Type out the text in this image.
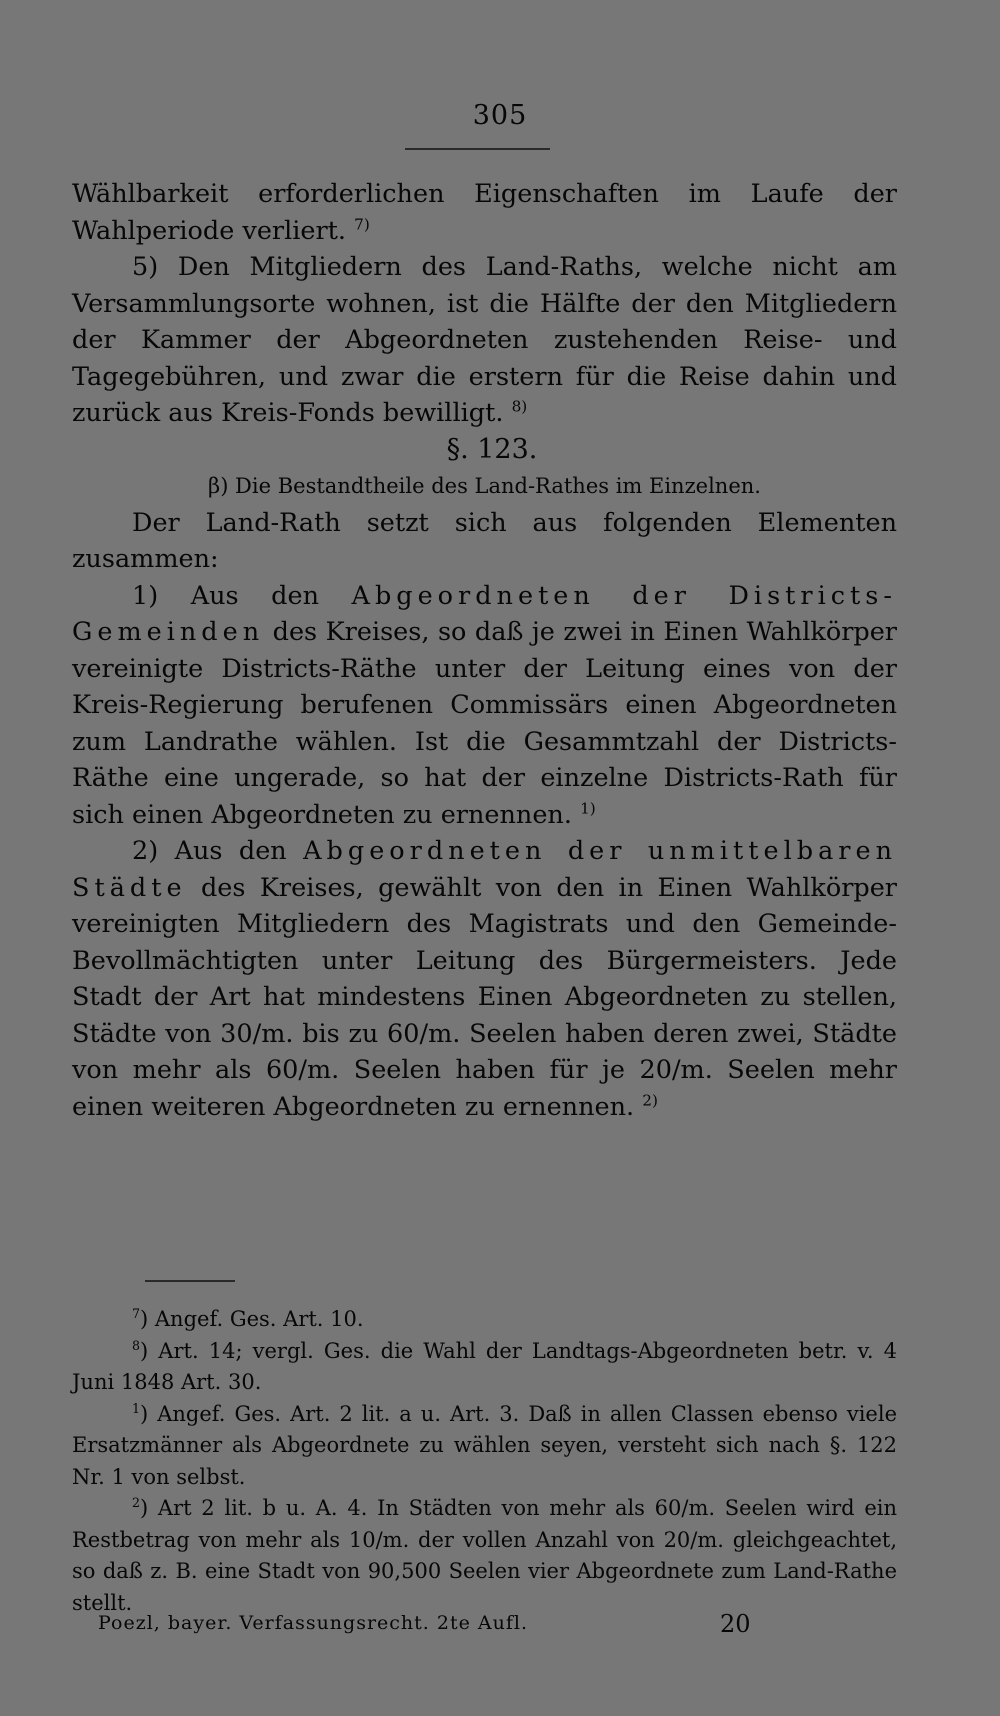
305

Wählbarkeit erforderlichen Eigenschaften im Laufe der Wahlperiode verliert. $^{7)}$

5) Den Mitgliedern des Land-Raths, welche nicht am Versammlungsorte wohnen, ist die Hälfte der den Mitgliedern der Kammer der Abgeordneten zustehenden Reise- und Tagegebühren, und zwar die erstern für die Reise dahin und zurück aus Kreis-Fonds bewilligt. $^{8)}$

§. 123.

β) Die Bestandtheile des Land-Rathes im Einzelnen.

Der Land-Rath setzt sich aus folgenden Elementen zusammen:

1) Aus den Abgeordneten der Districts-Gemeinden des Kreises, so daß je zwei in Einen Wahlkörper vereinigte Districts-Räthe unter der Leitung eines von der Kreis-Regierung berufenen Commissärs einen Abgeordneten zum Landrathe wählen. Ist die Gesammtzahl der Districts-Räthe eine ungerade, so hat der einzelne Districts-Rath für sich einen Abgeordneten zu ernennen. $^{1)}$

2) Aus den Abgeordneten der unmittelbaren Städte des Kreises, gewählt von den in Einen Wahlkörper vereinigten Mitgliedern des Magistrats und den Gemeinde-Bevollmächtigten unter Leitung des Bürgermeisters. Jede Stadt der Art hat mindestens Einen Abgeordneten zu stellen, Städte von 30/m. bis zu 60/m. Seelen haben deren zwei, Städte von mehr als 60/m. Seelen haben für je 20/m. Seelen mehr einen weiteren Abgeordneten zu ernennen. $^{2)}$

$^7$) Angef. Ges. Art. 10.

$^8$) Art. 14; vergl. Ges. die Wahl der Landtags-Abgeordneten betr. v. 4 Juni 1848 Art. 30.

$^1$) Angef. Ges. Art. 2 lit. a u. Art. 3. Daß in allen Classen ebenso viele Ersatzmänner als Abgeordnete zu wählen seyen, versteht sich nach §. 122 Nr. 1 von selbst.

$^2$) Art 2 lit. b u. A. 4. In Städten von mehr als 60/m. Seelen wird ein Restbetrag von mehr als 10/m. der vollen Anzahl von 20/m. gleichgeachtet, so daß z. B. eine Stadt von 90,500 Seelen vier Abgeordnete zum Land-Rathe stellt.

Poezl, bayer. Verfassungsrecht. 2te Aufl.	20
